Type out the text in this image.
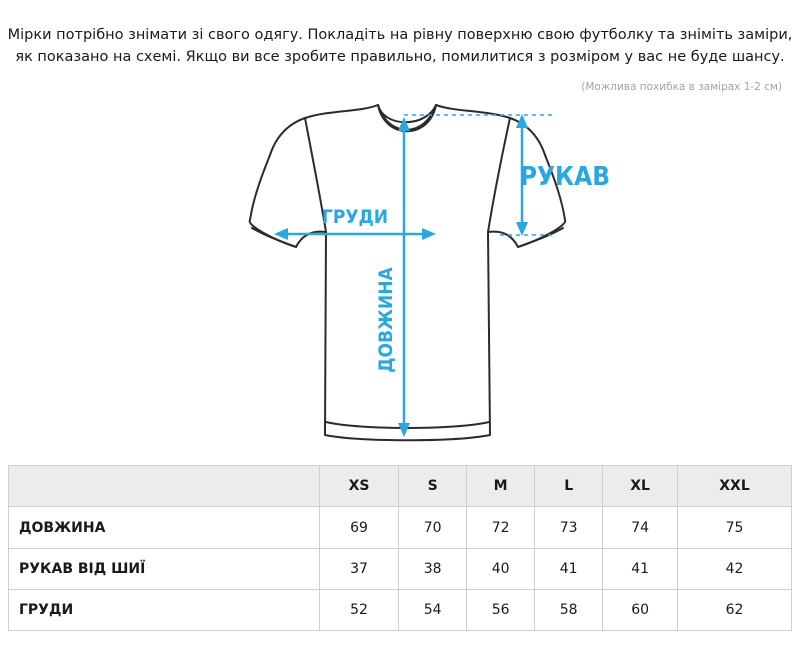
Мірки потрібно знімати зі свого одягу. Покладіть на рівну поверхню свою футболку та зніміть заміри,
як показано на схемі. Якщо ви все зробите правильно, помилитися з розміром у вас не буде шансу.
(Можлива похибка в замірах 1-2 см)
РУКАВ
ГРУДИ
ДОВЖИНА
	XS	S	M	L	XL	XXL
ДОВЖИНА	69	70	72	73	74	75
РУКАВ ВІД ШИЇ	37	38	40	41	41	42
ГРУДИ	52	54	56	58	60	62
